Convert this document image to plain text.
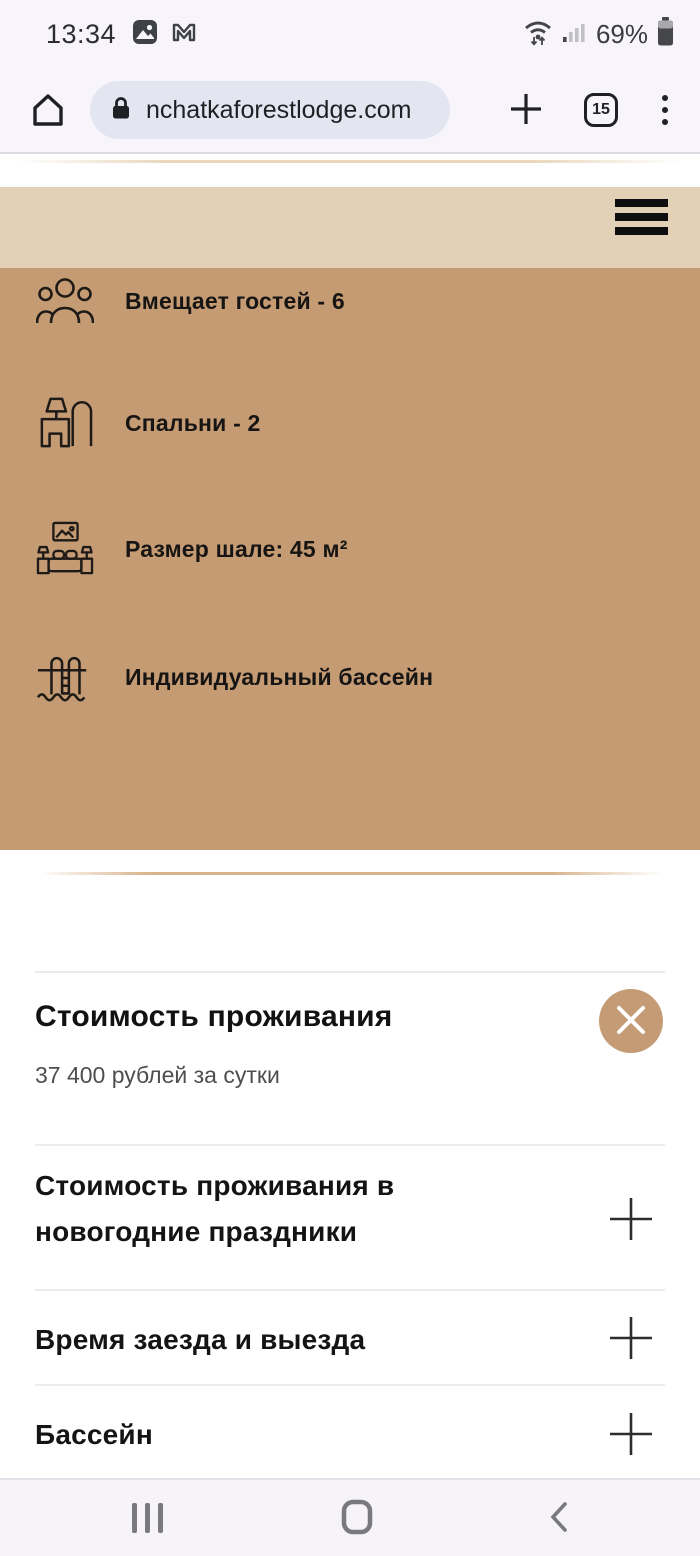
13:34	69%
nchatkaforestlodge.com	15
Вмещает гостей - 6
Спальни - 2
Размер шале: 45 м²
Индивидуальный бассейн
Стоимость проживания

37 400 рублей за сутки

Стоимость проживания в новогодние праздники
Время заезда и выезда
Бассейн
